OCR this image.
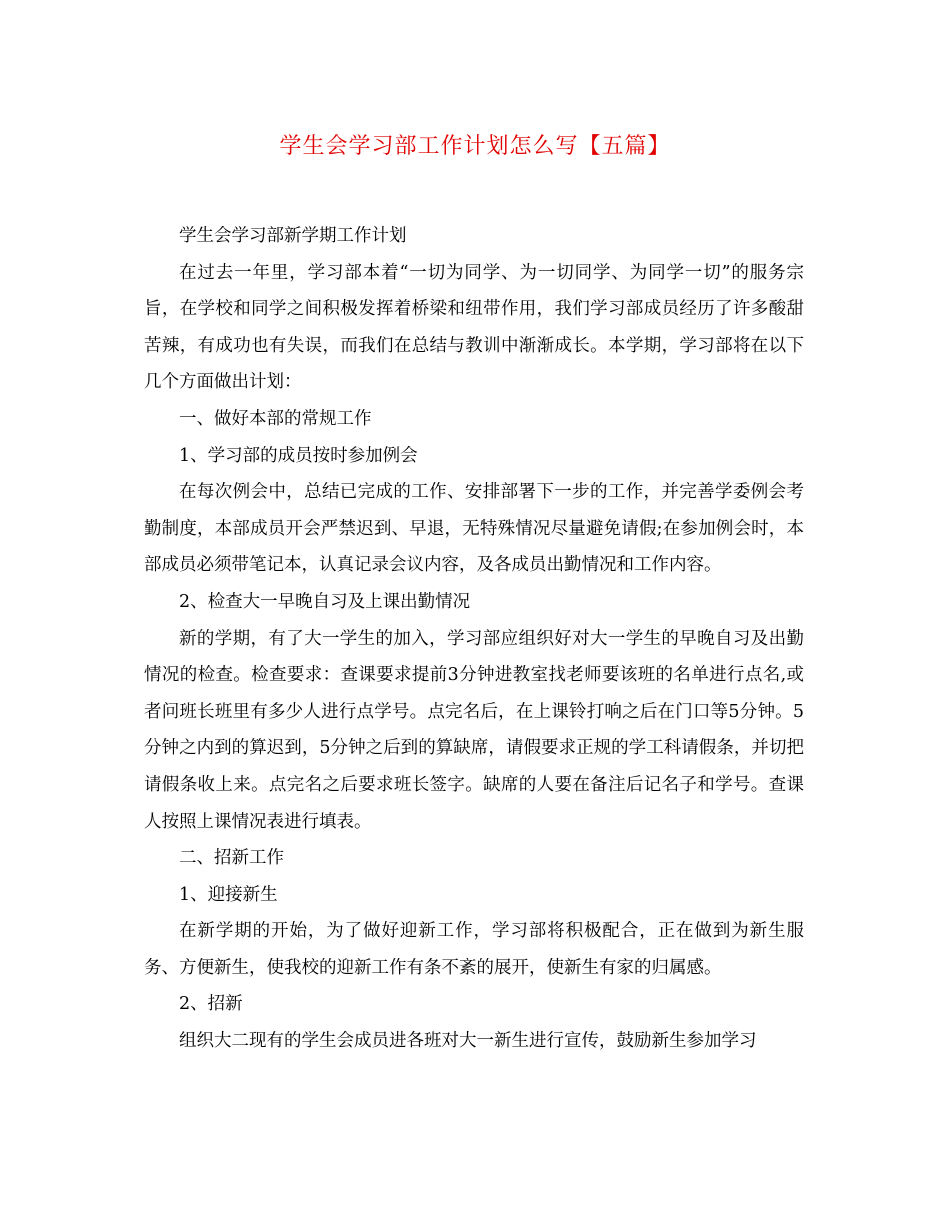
学生会学习部工作计划怎么写【五篇】

学生会学习部新学期工作计划

在过去一年里，学习部本着“一切为同学、为一切同学、为同学一切”的服务宗旨，在学校和同学之间积极发挥着桥梁和纽带作用，我们学习部成员经历了许多酸甜苦辣，有成功也有失误，而我们在总结与教训中渐渐成长。本学期，学习部将在以下几个方面做出计划：

一、做好本部的常规工作

1、学习部的成员按时参加例会

在每次例会中，总结已完成的工作、安排部署下一步的工作，并完善学委例会考勤制度，本部成员开会严禁迟到、早退，无特殊情况尽量避免请假;在参加例会时，本部成员必须带笔记本，认真记录会议内容，及各成员出勤情况和工作内容。

2、检查大一早晚自习及上课出勤情况

新的学期，有了大一学生的加入，学习部应组织好对大一学生的早晚自习及出勤情况的检查。检查要求：查课要求提前3分钟进教室找老师要该班的名单进行点名,或者问班长班里有多少人进行点学号。点完名后，在上课铃打响之后在门口等5分钟。5分钟之内到的算迟到，5分钟之后到的算缺席，请假要求正规的学工科请假条，并切把请假条收上来。点完名之后要求班长签字。缺席的人要在备注后记名子和学号。查课人按照上课情况表进行填表。

二、招新工作

1、迎接新生

在新学期的开始，为了做好迎新工作，学习部将积极配合，正在做到为新生服务、方便新生，使我校的迎新工作有条不紊的展开，使新生有家的归属感。

2、招新

组织大二现有的学生会成员进各班对大一新生进行宣传，鼓励新生参加学习
